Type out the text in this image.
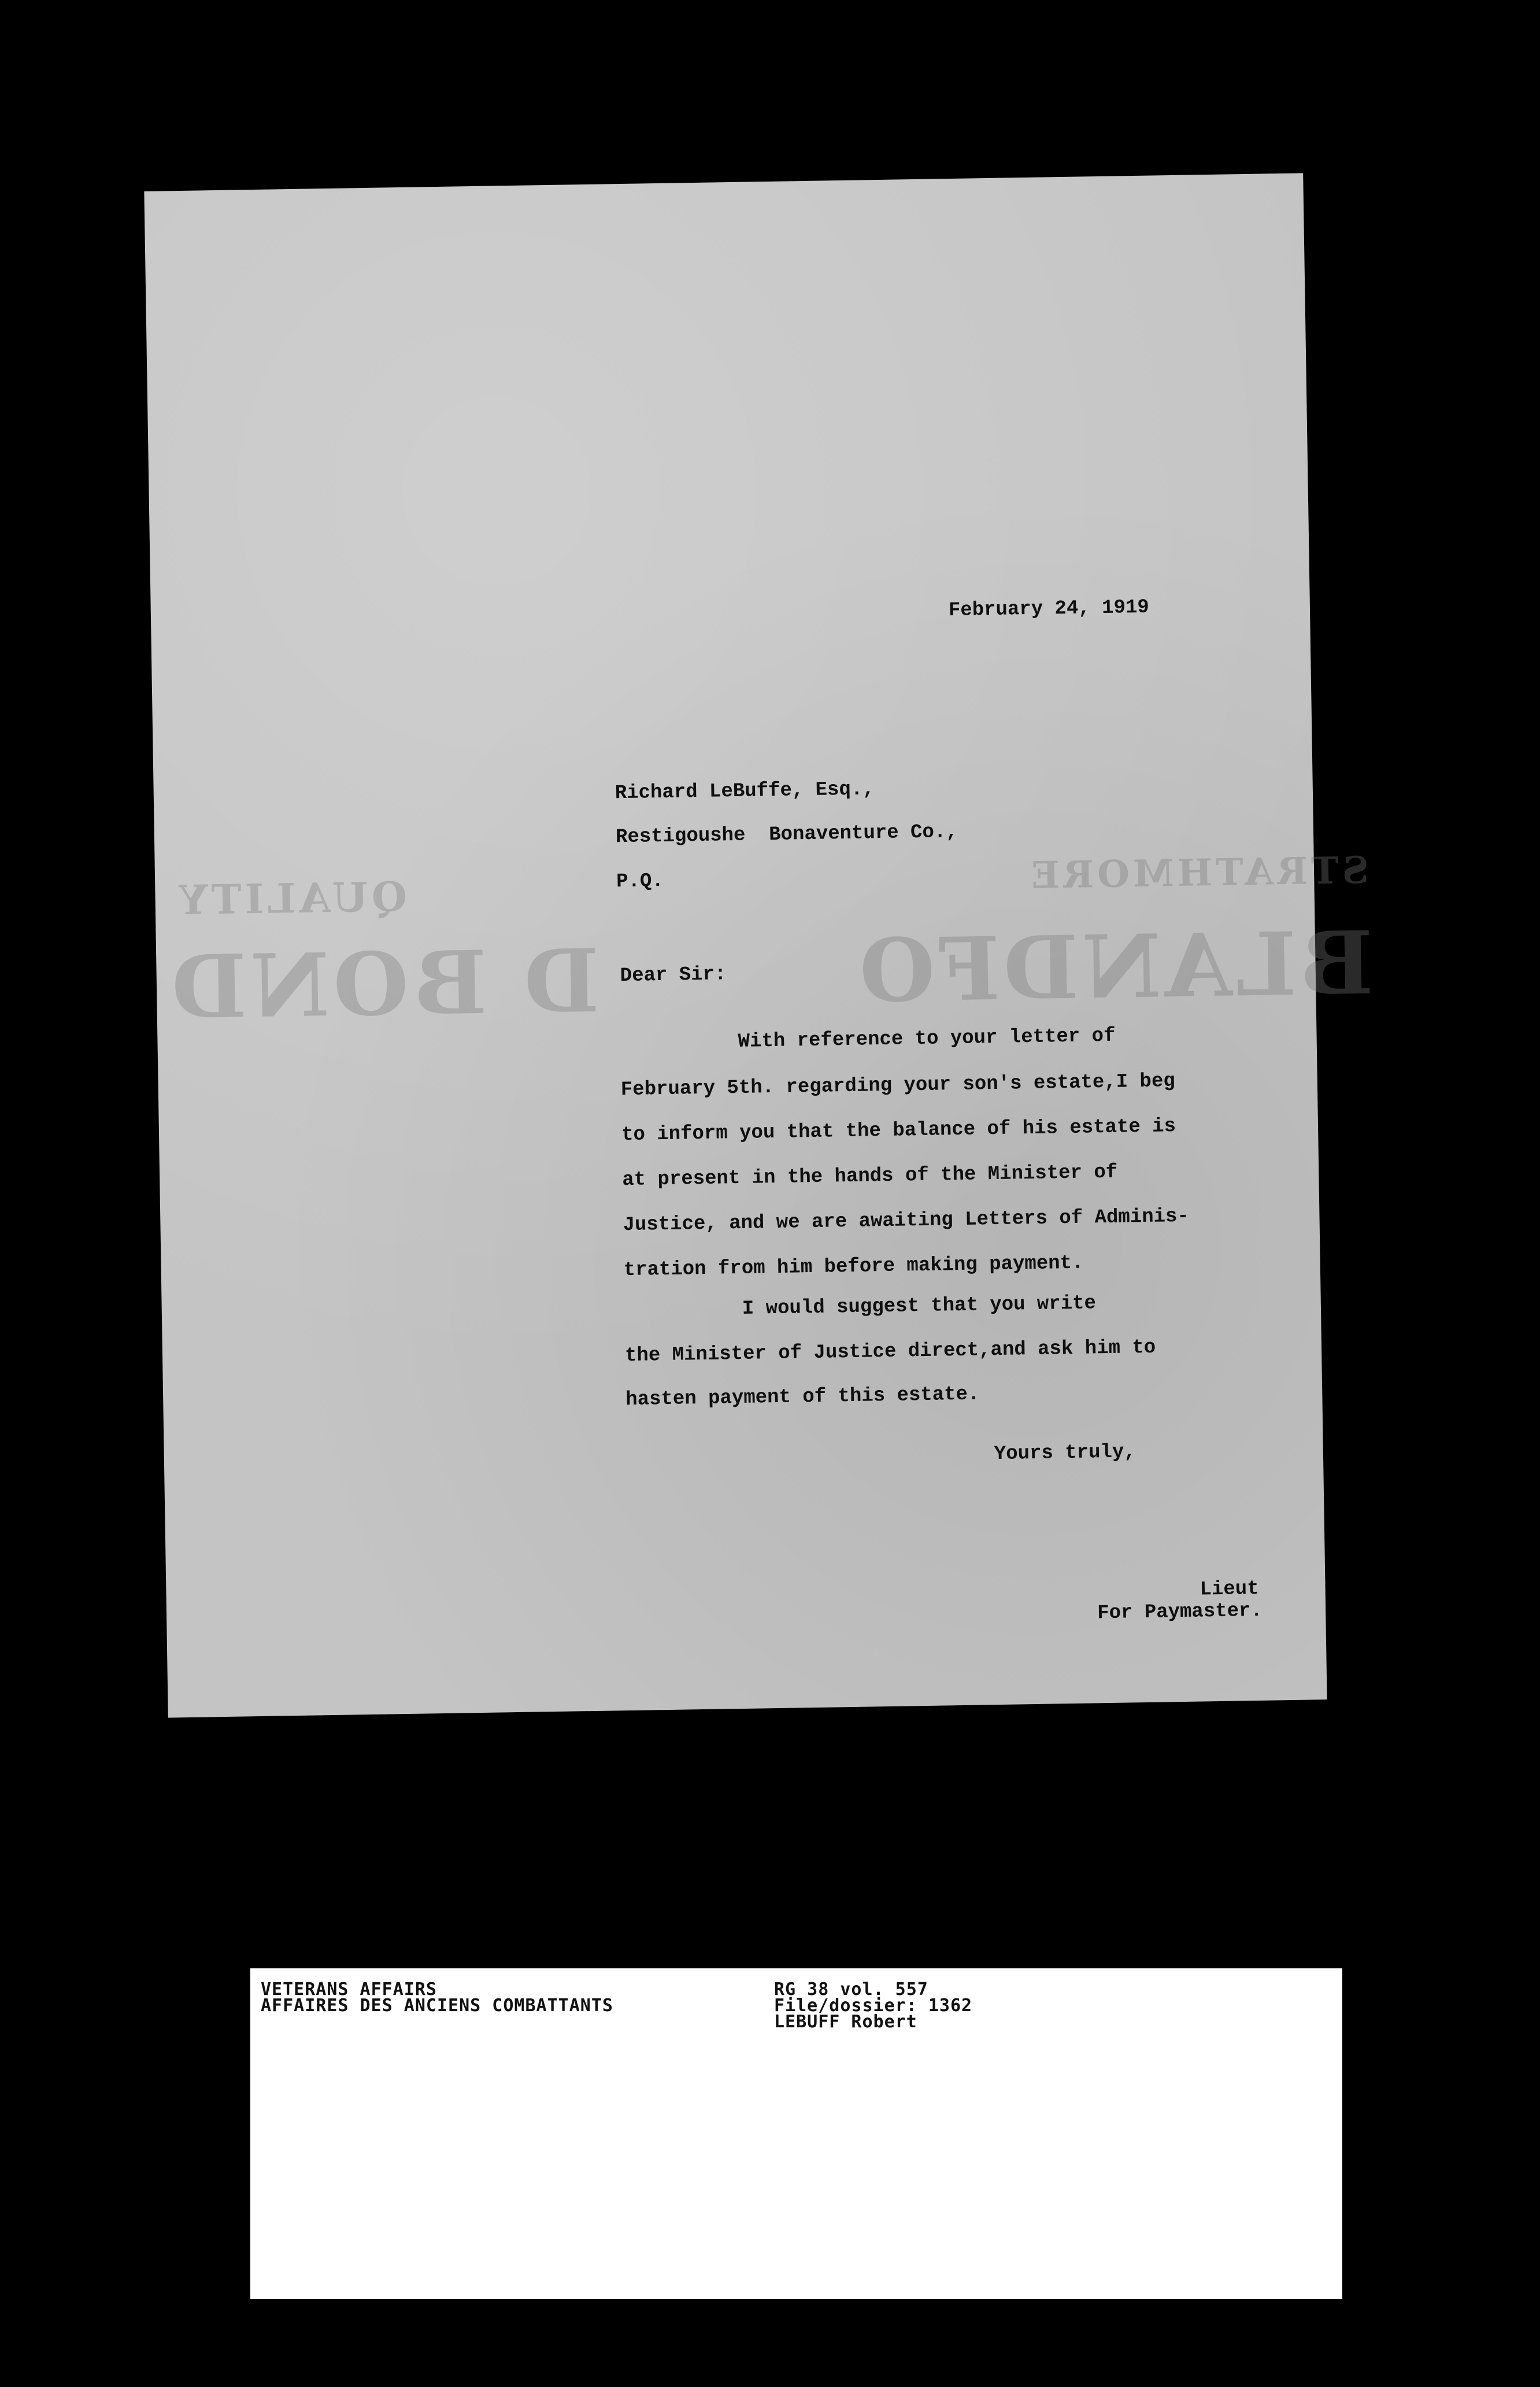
QUALITY	STRATHMORE
D BOND	BLANDFO
February 24, 1919
Richard LeBuffe, Esq.,
Restigoushe  Bonaventure Co.,
P.Q.
Dear Sir:
With reference to your letter of
February 5th. regarding your son's estate,I beg
to inform you that the balance of his estate is
at present in the hands of the Minister of
Justice, and we are awaiting Letters of Adminis-
tration from him before making payment.
I would suggest that you write
the Minister of Justice direct,and ask him to
hasten payment of this estate.
Yours truly,
Lieut
For Paymaster.
VETERANS AFFAIRS
AFFAIRES DES ANCIENS COMBATTANTS
RG 38 vol. 557
File/dossier: 1362
LEBUFF Robert
